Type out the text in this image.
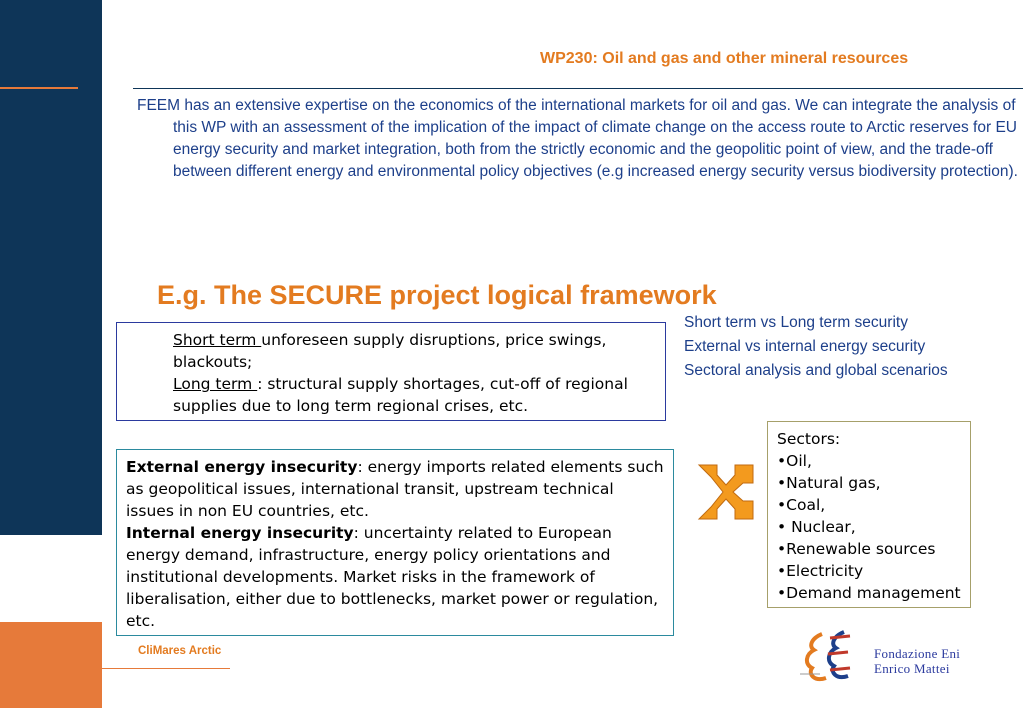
WP230: Oil and gas and other mineral resources
FEEM has an extensive expertise on the economics of the international markets for oil and gas. We can integrate the analysis of this WP with an assessment of the implication of the impact of climate change on the access route to Arctic reserves for EU energy security and market integration, both from the strictly economic and the geopolitic point of view, and the trade-off between different energy and environmental policy objectives (e.g increased energy security versus biodiversity protection).
E.g. The SECURE project logical framework
Short term vs Long term security
External vs internal energy security
Sectoral analysis and global scenarios
Short term unforeseen supply disruptions, price swings, blackouts;
Long term : structural supply shortages, cut-off of regional supplies due to long term regional crises, etc.
External energy insecurity: energy imports related elements such as geopolitical issues, international transit, upstream technical issues in non EU countries, etc.
Internal energy insecurity: uncertainty related to European energy demand, infrastructure, energy policy orientations and institutional developments. Market risks in the framework of liberalisation, either due to bottlenecks, market power or regulation, etc.
Sectors:
•Oil,
•Natural gas,
•Coal,
• Nuclear,
•Renewable sources
•Electricity
•Demand management
CliMares Arctic	Fondazione Eni
Enrico Mattei
